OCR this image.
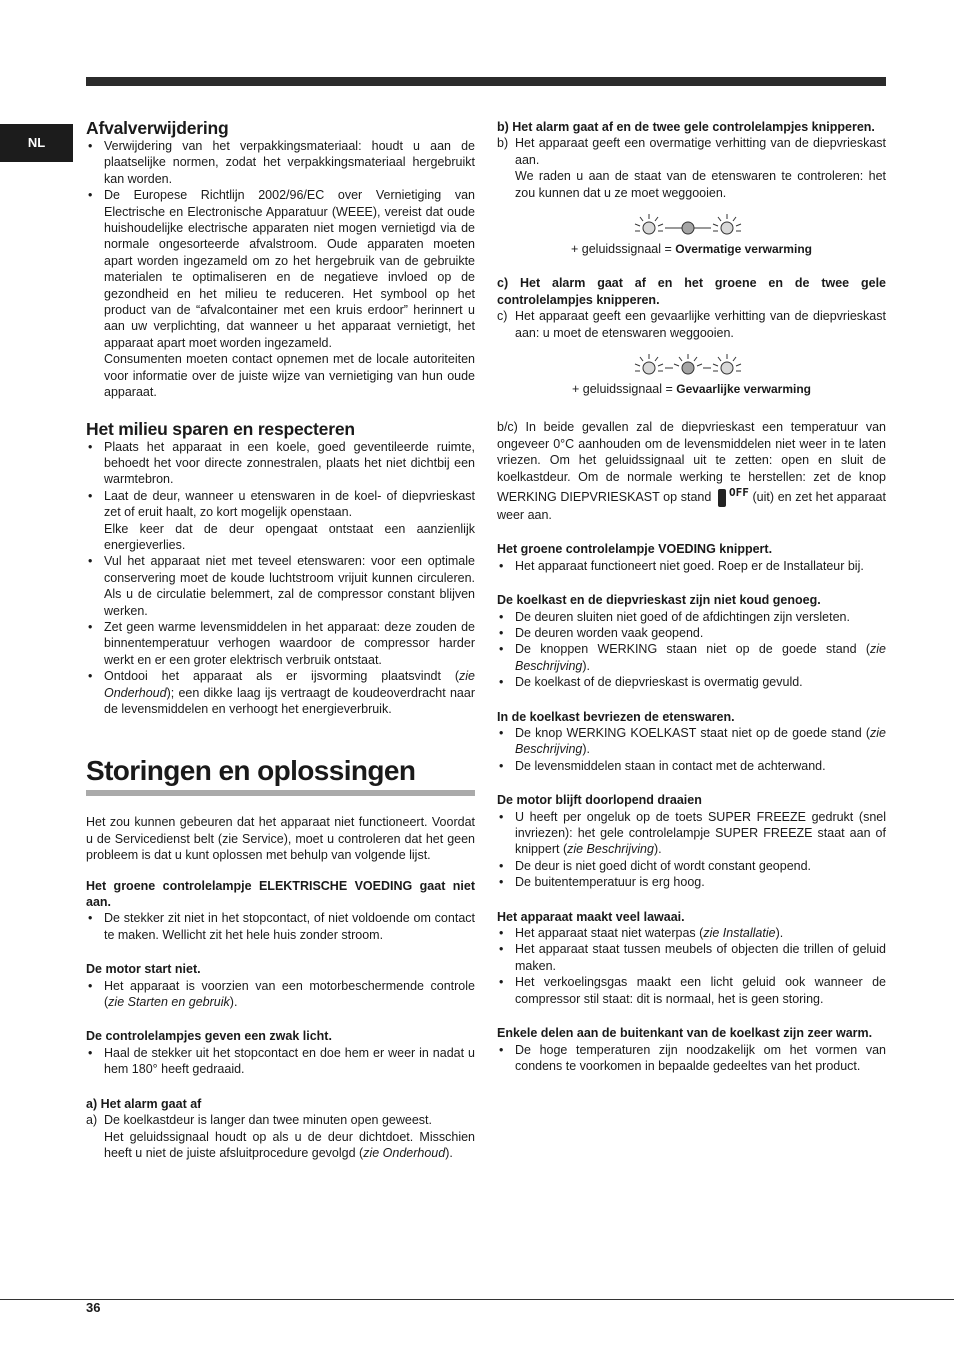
NL
Afvalverwijdering
• Verwijdering van het verpakkingsmateriaal: houdt u aan de plaatselijke normen, zodat het verpakkingsmateriaal hergebruikt kan worden.
• De Europese Richtlijn 2002/96/EC over Vernietiging van Electrische en Electronische Apparatuur (WEEE), vereist dat oude huishoudelijke electrische apparaten niet mogen vernietigd via de normale ongesorteerde afvalstroom. Oude apparaten moeten apart worden ingezameld om zo het hergebruik van de gebruikte materialen te optimaliseren en de negatieve invloed op de gezondheid en het milieu te reduceren. Het symbool op het product van de “afvalcontainer met een kruis erdoor” herinnert u aan uw verplichting, dat wanneer u het apparaat vernietigt, het apparaat apart moet worden ingezameld.
Consumenten moeten contact opnemen met de locale autoriteiten voor informatie over de juiste wijze van vernietiging van hun oude apparaat.
Het milieu sparen en respecteren
• Plaats het apparaat in een koele, goed geventileerde ruimte, behoedt het voor directe zonnestralen, plaats het niet dichtbij een warmtebron.
• Laat de deur, wanneer u etenswaren in de koel- of diepvrieskast zet of eruit haalt, zo kort mogelijk openstaan.
Elke keer dat de deur opengaat ontstaat een aanzienlijk energieverlies.
• Vul het apparaat niet met teveel etenswaren: voor een optimale conservering moet de koude luchtstroom vrijuit kunnen circuleren. Als u de circulatie belemmert, zal de compressor constant blijven werken.
• Zet geen warme levensmiddelen in het apparaat: deze zouden de binnentemperatuur verhogen waardoor de compressor harder werkt en er een groter elektrisch verbruik ontstaat.
• Ontdooi het apparaat als er ijsvorming plaatsvindt (zie Onderhoud); een dikke laag ijs vertraagt de koudeoverdracht naar de levensmiddelen en verhoogt het energieverbruik.
Storingen en oplossingen

Het zou kunnen gebeuren dat het apparaat niet functioneert. Voordat u de Servicedienst belt (zie Service), moet u controleren dat het geen probleem is dat u kunt oplossen met behulp van volgende lijst.

Het groene controlelampje ELEKTRISCHE VOEDING gaat niet aan.

• De stekker zit niet in het stopcontact, of niet voldoende om contact te maken. Wellicht zit het hele huis zonder stroom.

De motor start niet.

• Het apparaat is voorzien van een motorbeschermende controle (zie Starten en gebruik).

De controlelampjes geven een zwak licht.

• Haal de stekker uit het stopcontact en doe hem er weer in nadat u hem 180° heeft gedraaid.

a) Het alarm gaat af

a) De koelkastdeur is langer dan twee minuten open geweest.
Het geluidssignaal houdt op als u de deur dichtdoet. Misschien heeft u niet de juiste afsluitprocedure gevolgd (zie Onderhoud).

b) Het alarm gaat af en de twee gele controlelampjes knipperen.

b) Het apparaat geeft een overmatige verhitting van de diepvrieskast aan.
We raden u aan de staat van de etenswaren te controleren: het zou kunnen dat u ze moet weggooien.
+ geluidssignaal = Overmatige verwarming

c) Het alarm gaat af en het groene en de twee gele controlelampjes knipperen.

c) Het apparaat geeft een gevaarlijke verhitting van de diepvrieskast aan: u moet de etenswaren weggooien.
+ geluidssignaal = Gevaarlijke verwarming

b/c) In beide gevallen zal de diepvrieskast een temperatuur van ongeveer 0°C aanhouden om de levensmiddelen niet weer in te laten vriezen. Om het geluidssignaal uit te zetten: open en sluit de koelkastdeur. Om de normale werking te herstellen: zet de knop WERKING DIEPVRIESKAST op stand OFF (uit) en zet het apparaat weer aan.

Het groene controlelampje VOEDING knippert.

• Het apparaat functioneert niet goed. Roep er de Installateur bij.

De koelkast en de diepvrieskast zijn niet koud genoeg.

• De deuren sluiten niet goed of de afdichtingen zijn versleten.
• De deuren worden vaak geopend.
• De knoppen WERKING staan niet op de goede stand (zie Beschrijving).
• De koelkast of de diepvrieskast is overmatig gevuld.

In de koelkast bevriezen de etenswaren.

• De knop WERKING KOELKAST staat niet op de goede stand (zie Beschrijving).
• De levensmiddelen staan in contact met de achterwand.

De motor blijft doorlopend draaien

• U heeft per ongeluk op de toets SUPER FREEZE gedrukt (snel invriezen): het gele controlelampje SUPER FREEZE staat aan of knippert (zie Beschrijving).
• De deur is niet goed dicht of wordt constant geopend.
• De buitentemperatuur is erg hoog.

Het apparaat maakt veel lawaai.

• Het apparaat staat niet waterpas (zie Installatie).
• Het apparaat staat tussen meubels of objecten die trillen of geluid maken.
• Het verkoelingsgas maakt een licht geluid ook wanneer de compressor stil staat: dit is normaal, het is geen storing.

Enkele delen aan de buitenkant van de koelkast zijn zeer warm.

• De hoge temperaturen zijn noodzakelijk om het vormen van condens te voorkomen in bepaalde gedeeltes van het product.
36
